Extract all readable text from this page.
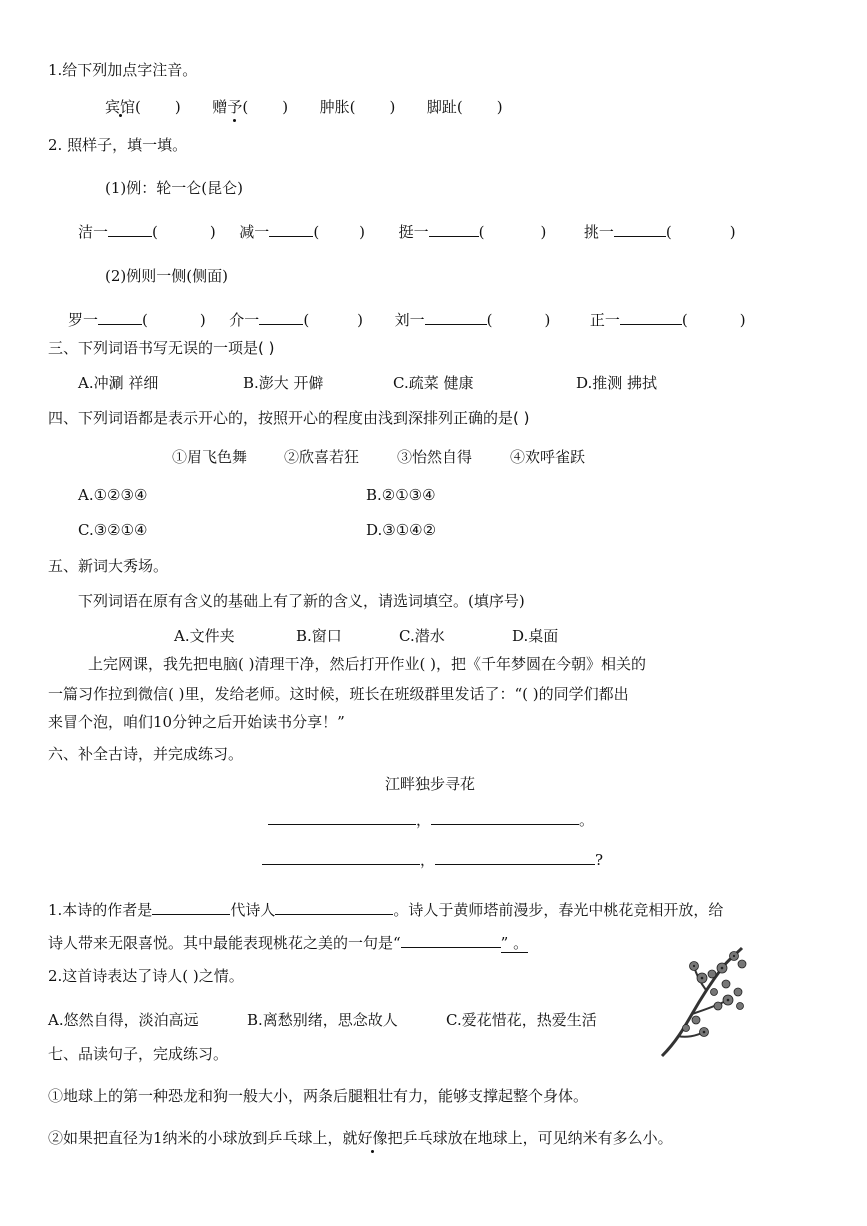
1.给下列加点字注音。
宾馆( ) 赠予( ) 肿胀( ) 脚趾( )
2. 照样子，填一填。
(1)例：轮一仑(昆仑)
洁一	(	) 减一	(	) 挺一	(	)	挑一	(	)
(2)例则一侧(侧面)
罗一	(	) 介一	(	) 刘一	(	)	正一	(	)
三、下列词语书写无误的一项是( )
A.冲涮 祥细	B.澎大 开僻	C.疏菜 健康	D.推测 拂拭
四、下列词语都是表示开心的，按照开心的程度由浅到深排列正确的是( )
①眉飞色舞 ②欣喜若狂	③怡然自得	④欢呼雀跃
A.①②③④	B.②①③④
C.③②①④	D.③①④②
五、新词大秀场。
下列词语在原有含义的基础上有了新的含义，请选词填空。(填序号)
A.文件夹	B.窗口	C.潜水	D.桌面
上完网课，我先把电脑( )清理干净，然后打开作业( )，把《千年梦圆在今朝》相关的
一篇习作拉到微信( )里，发给老师。这时候，班长在班级群里发话了：“( )的同学们都出
来冒个泡，咱们10分钟之后开始读书分享！”
六、补全古诗，并完成练习。
江畔独步寻花
，	。
，	?
1.本诗的作者是	代诗人	。诗人于黄师塔前漫步，春光中桃花竞相开放，给
诗人带来无限喜悦。其中最能表现桃花之美的一句是“	” 。
2.这首诗表达了诗人( )之情。
A.悠然自得，淡泊高远	B.离愁别绪，思念故人	C.爱花惜花，热爱生活
七、品读句子，完成练习。
①地球上的第一种恐龙和狗一般大小，两条后腿粗壮有力，能够支撑起整个身体。
②如果把直径为1纳米的小球放到乒乓球上，就好像把乒乓球放在地球上，可见纳米有多么小。
